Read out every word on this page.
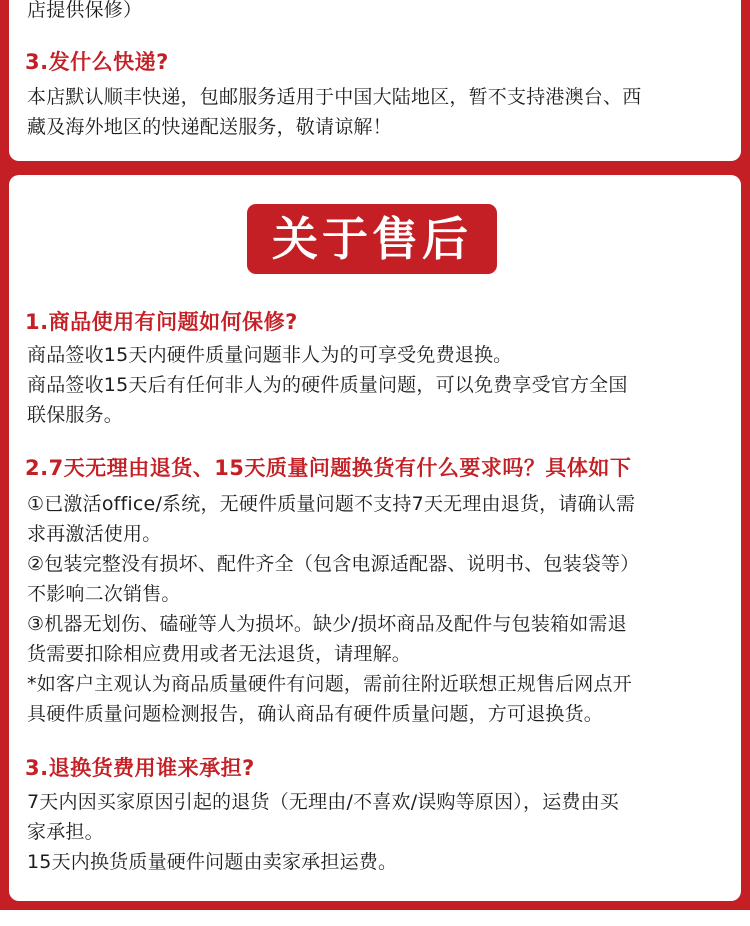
店提供保修）

3.发什么快递?

本店默认顺丰快递，包邮服务适用于中国大陆地区，暂不支持港澳台、西

藏及海外地区的快递配送服务，敬请谅解！

关于售后

1.商品使用有问题如何保修?

商品签收15天内硬件质量问题非人为的可享受免费退换。

商品签收15天后有任何非人为的硬件质量问题，可以免费享受官方全国

联保服务。

2.7天无理由退货、15天质量问题换货有什么要求吗？具体如下

①已激活office/系统，无硬件质量问题不支持7天无理由退货，请确认需

求再激活使用。

②包装完整没有损坏、配件齐全（包含电源适配器、说明书、包装袋等）

不影响二次销售。

③机器无划伤、磕碰等人为损坏。缺少/损坏商品及配件与包装箱如需退

货需要扣除相应费用或者无法退货，请理解。

*如客户主观认为商品质量硬件有问题，需前往附近联想正规售后网点开

具硬件质量问题检测报告，确认商品有硬件质量问题，方可退换货。

3.退换货费用谁来承担?

7天内因买家原因引起的退货（无理由/不喜欢/误购等原因），运费由买

家承担。

15天内换货质量硬件问题由卖家承担运费。
